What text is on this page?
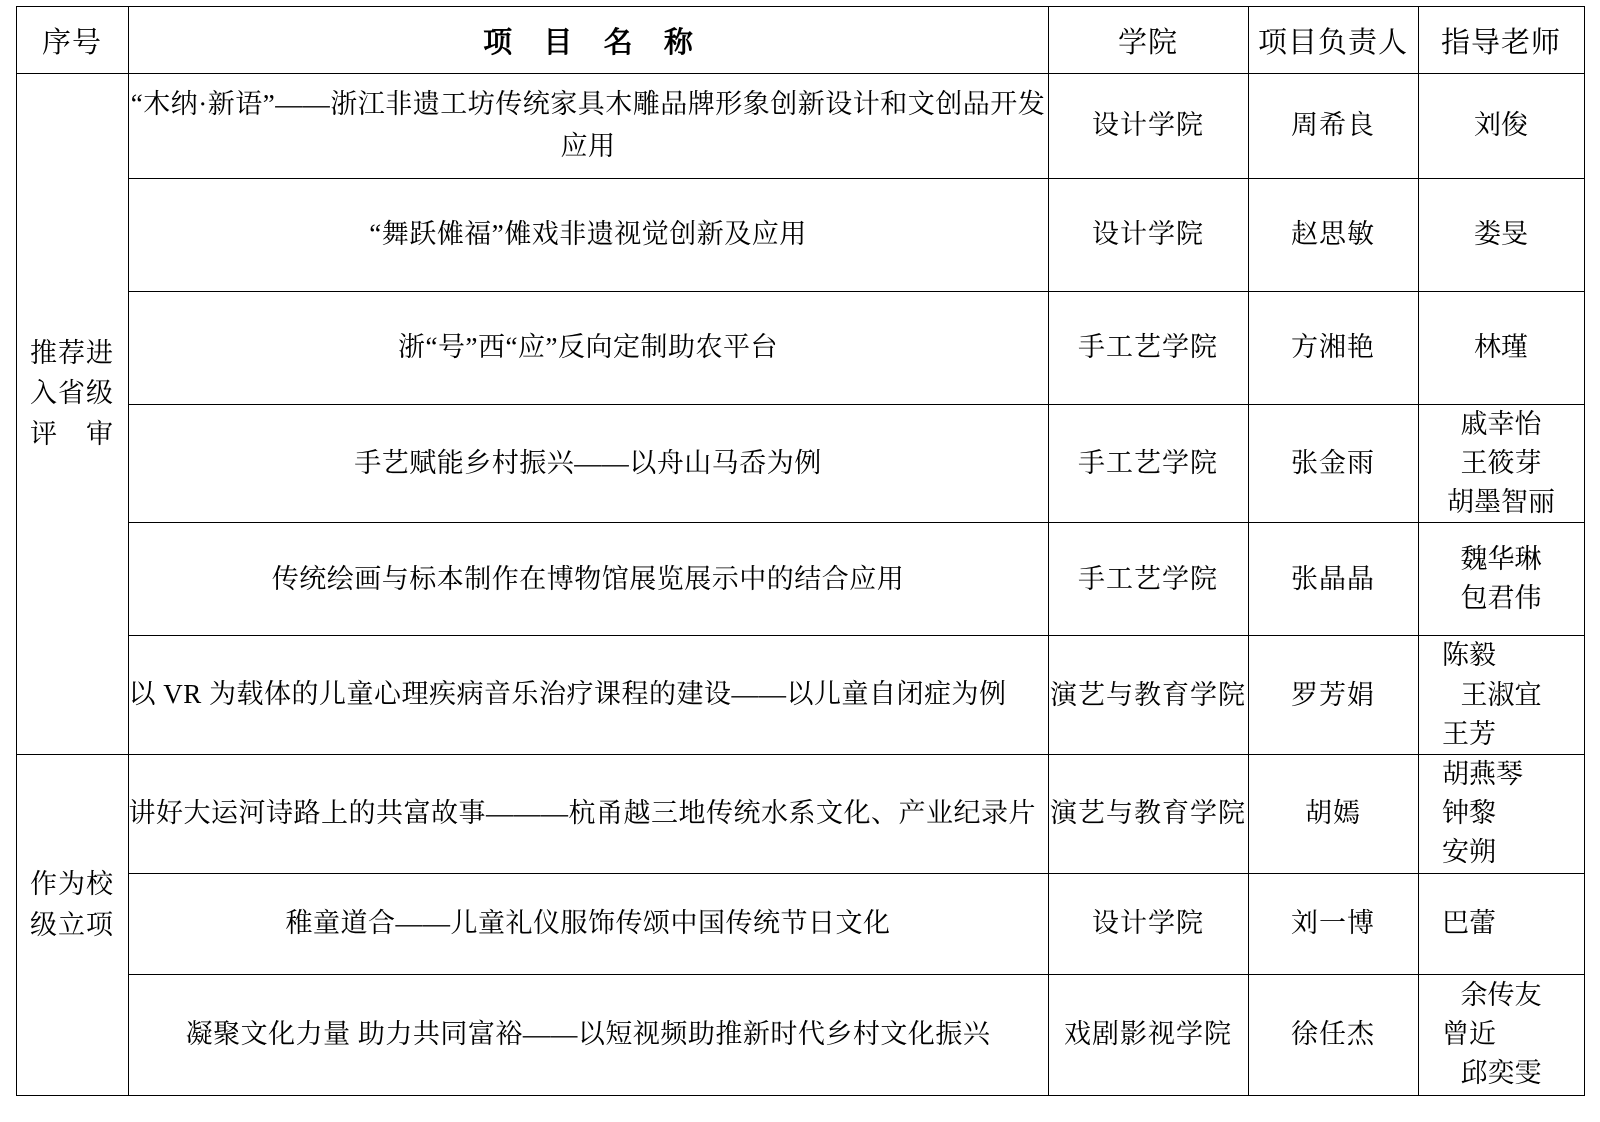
序号	项 目 名 称	学院	项目负责人	指导老师

推荐进入省级评审	“木纳·新语”——浙江非遗工坊传统家具木雕品牌形象创新设计和文创品开发应用	设计学院	周希良	刘俊

	“舞跃傩福”傩戏非遗视觉创新及应用	设计学院	赵思敏	娄旻

	浙“号”西“应”反向定制助农平台	手工艺学院	方湘艳	林瑾

	手艺赋能乡村振兴——以舟山马岙为例	手工艺学院	张金雨	戚幸怡
王筱芽
胡墨智丽

	传统绘画与标本制作在博物馆展览展示中的结合应用	手工艺学院	张晶晶	魏华琳
包君伟

	以 VR 为载体的儿童心理疾病音乐治疗课程的建设——以儿童自闭症为例	演艺与教育学院	罗芳娟	陈毅
王淑宜
王芳

作为校级立项	讲好大运河诗路上的共富故事———杭甬越三地传统水系文化、产业纪录片	演艺与教育学院	胡嫣	胡燕琴
钟黎
安朔

	稚童道合——儿童礼仪服饰传颂中国传统节日文化	设计学院	刘一博	巴蕾

	凝聚文化力量 助力共同富裕——以短视频助推新时代乡村文化振兴	戏剧影视学院	徐任杰	余传友
曾近
邱奕雯
